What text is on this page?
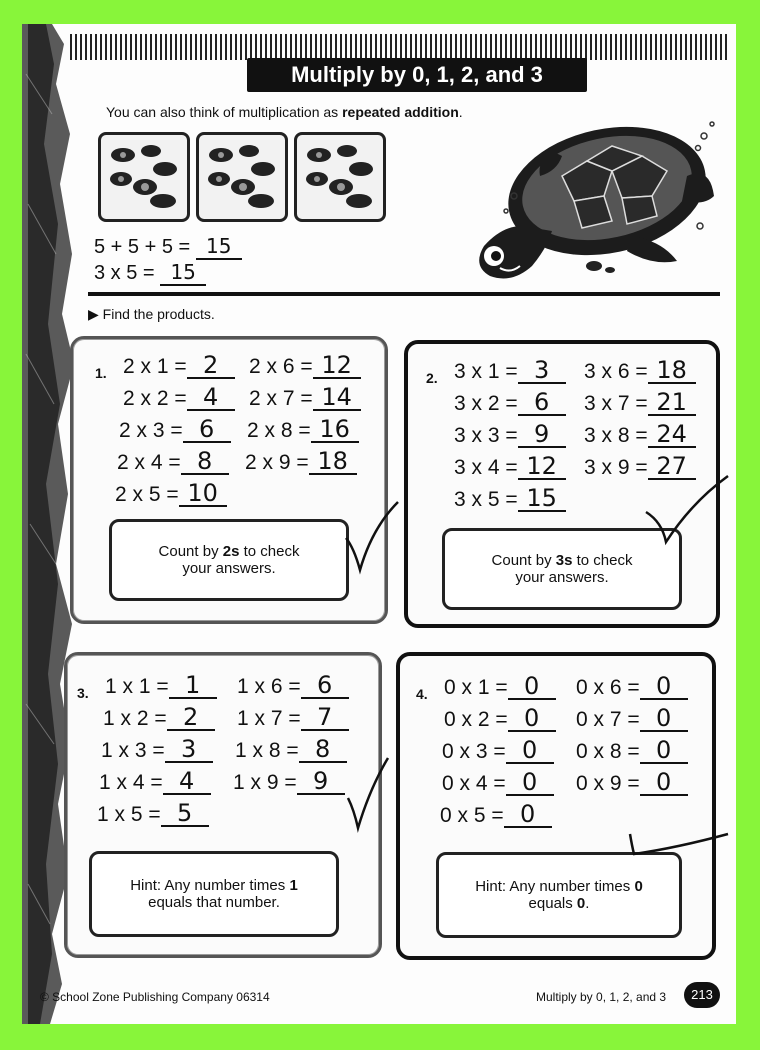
Multiply by 0, 1, 2, and 3
You can also think of multiplication as repeated addition.
5 + 5 + 5 = 15
3 x 5 = 15
▶ Find the products.
1. 2 x 1 = 2
2 x 2 = 4
2 x 3 = 6
2 x 4 = 8
2 x 5 = 10
2 x 6 = 12
2 x 7 = 14
2 x 8 = 16
2 x 9 = 18
Count by 2s to check
your answers.
2. 3 x 1 = 3
3 x 2 = 6
3 x 3 = 9
3 x 4 = 12
3 x 5 = 15
3 x 6 = 18
3 x 7 = 21
3 x 8 = 24
3 x 9 = 27
Count by 3s to check
your answers.
3. 1 x 1 = 1
1 x 2 = 2
1 x 3 = 3
1 x 4 = 4
1 x 5 = 5
1 x 6 = 6
1 x 7 = 7
1 x 8 = 8
1 x 9 = 9
Hint: Any number times 1
equals that number.
4. 0 x 1 = 0
0 x 2 = 0
0 x 3 = 0
0 x 4 = 0
0 x 5 = 0
0 x 6 = 0
0 x 7 = 0
0 x 8 = 0
0 x 9 = 0
Hint: Any number times 0
equals 0.
© School Zone Publishing Company 06314	Multiply by 0, 1, 2, and 3	213
